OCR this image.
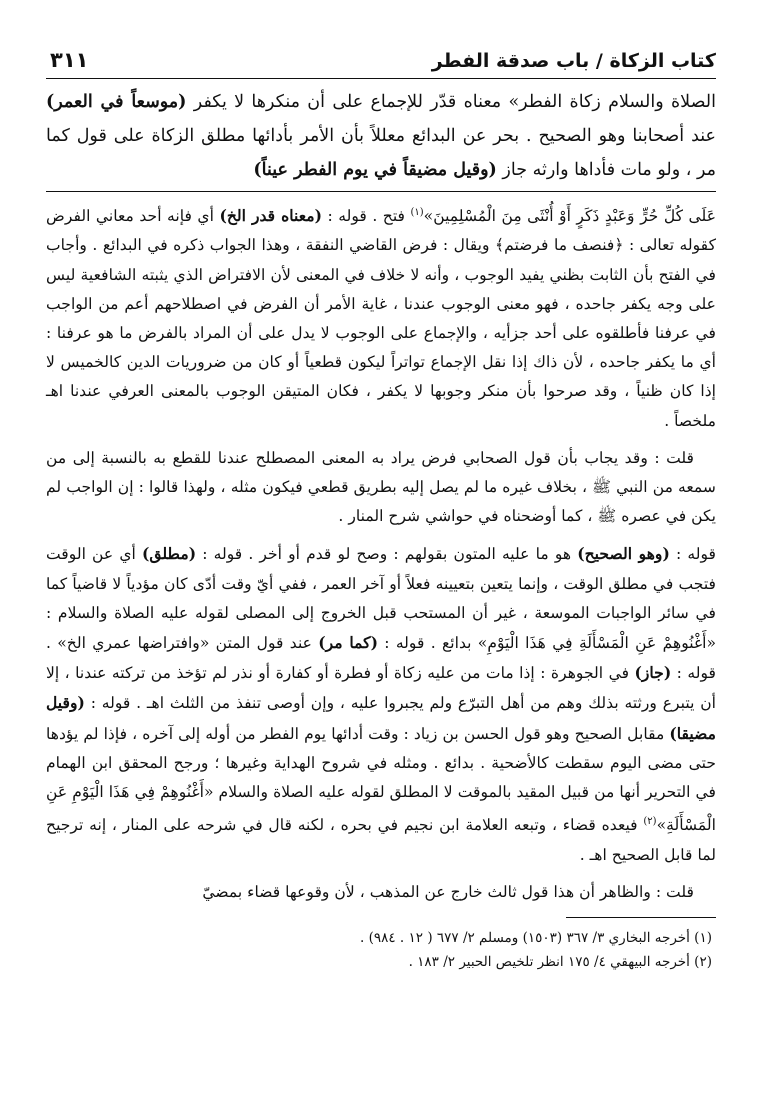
كتاب الزكاة / باب صدقة الفطر
٣١١
الصلاة والسلام زكاة الفطر» معناه قدّر للإجماع على أن منكرها لا يكفر (موسعاً في العمر) عند أصحابنا وهو الصحيح . بحر عن البدائع معللاً بأن الأمر بأدائها مطلق الزكاة على قول كما مر ، ولو مات فأداها وارثه جاز (وقيل مضيقاً في يوم الفطر عيناً)

عَلَى كُلِّ حُرٍّ وَعَبْدٍ ذَكَرٍ أَوْ أُنْثَى مِنَ الْمُسْلِمِينَ»$^{(١)}$ فتح . قوله : (معناه قدر الخ) أي فإنه أحد معاني الفرض كقوله تعالى : ﴿فنصف ما فرضتم﴾ ويقال : فرض القاضي النفقة ، وهذا الجواب ذكره في البدائع . وأجاب في الفتح بأن الثابت بظني يفيد الوجوب ، وأنه لا خلاف في المعنى لأن الافتراض الذي يثبته الشافعية ليس على وجه يكفر جاحده ، فهو معنى الوجوب عندنا ، غاية الأمر أن الفرض في اصطلاحهم أعم من الواجب في عرفنا فأطلقوه على أحد جزأيه ، والإجماع على الوجوب لا يدل على أن المراد بالفرض ما هو عرفنا : أي ما يكفر جاحده ، لأن ذاك إذا نقل الإجماع تواتراً ليكون قطعياً أو كان من ضروريات الدين كالخميس لا إذا كان ظنياً ، وقد صرحوا بأن منكر وجوبها لا يكفر ، فكان المتيقن الوجوب بالمعنى العرفي عندنا اهـ ملخصاً .

قلت : وقد يجاب بأن قول الصحابي فرض يراد به المعنى المصطلح عندنا للقطع به بالنسبة إلى من سمعه من النبي ﷺ ، بخلاف غيره ما لم يصل إليه بطريق قطعي فيكون مثله ، ولهذا قالوا : إن الواجب لم يكن في عصره ﷺ ، كما أوضحناه في حواشي شرح المنار .

قوله : (وهو الصحيح) هو ما عليه المتون بقولهم : وصح لو قدم أو أخر . قوله : (مطلق) أي عن الوقت فتجب في مطلق الوقت ، وإنما يتعين بتعيينه فعلاً أو آخر العمر ، ففي أيّ وقت أدّى كان مؤدياً لا قاضياً كما في سائر الواجبات الموسعة ، غير أن المستحب قبل الخروج إلى المصلى لقوله عليه الصلاة والسلام : «أَغْنُوهِمْ عَنِ الْمَسْأَلَةِ فِي هَذَا الْيَوْمِ» بدائع . قوله : (كما مر) عند قول المتن «وافتراضها عمري الخ» . قوله : (جاز) في الجوهرة : إذا مات من عليه زكاة أو فطرة أو كفارة أو نذر لم تؤخذ من تركته عندنا ، إلا أن يتبرع ورثته بذلك وهم من أهل التبرّع ولم يجبروا عليه ، وإن أوصى تنفذ من الثلث اهـ . قوله : (وقيل مضيقا) مقابل الصحيح وهو قول الحسن بن زياد : وقت أدائها يوم الفطر من أوله إلى آخره ، فإذا لم يؤدها حتى مضى اليوم سقطت كالأضحية . بدائع . ومثله في شروح الهداية وغيرها ؛ ورجح المحقق ابن الهمام في التحرير أنها من قبيل المقيد بالموقت لا المطلق لقوله عليه الصلاة والسلام «أَغْنُوهِمْ فِي هَذَا الْيَوْمِ عَنِ الْمَسْأَلَةِ»$^{(٢)}$ فيعده قضاء ، وتبعه العلامة ابن نجيم في بحره ، لكنه قال في شرحه على المنار ، إنه ترجيح لما قابل الصحيح اهـ .

قلت : والظاهر أن هذا قول ثالث خارج عن المذهب ، لأن وقوعها قضاء بمضيّ

(١) أخرجه البخاري ٣/ ٣٦٧ (١٥٠٣) ومسلم ٢/ ٦٧٧ ( ١٢ . ٩٨٤) .
(٢) أخرجه البيهقي ٤/ ١٧٥ انظر تلخيص الحبير ٢/ ١٨٣ .
